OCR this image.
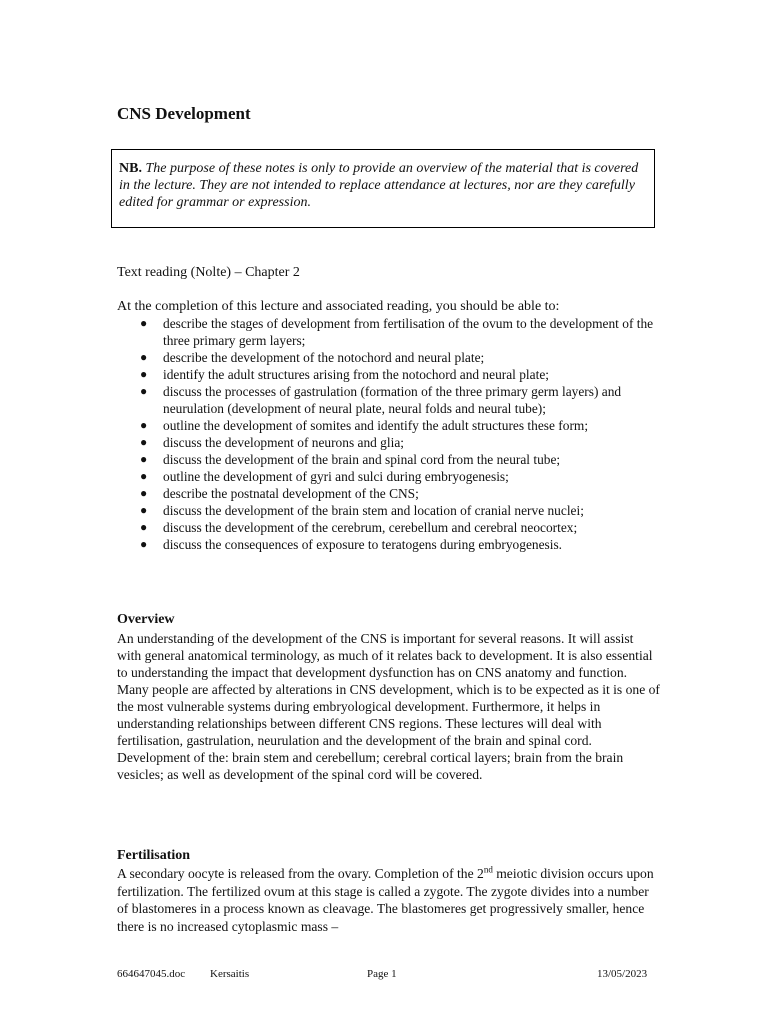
CNS Development
NB. The purpose of these notes is only to provide an overview of the material that is covered in the lecture. They are not intended to replace attendance at lectures, nor are they carefully edited for grammar or expression.

Text reading (Nolte) – Chapter 2

At the completion of this lecture and associated reading, you should be able to:

● describe the stages of development from fertilisation of the ovum to the development of the three primary germ layers;
● describe the development of the notochord and neural plate;
● identify the adult structures arising from the notochord and neural plate;
● discuss the processes of gastrulation (formation of the three primary germ layers) and neurulation (development of neural plate, neural folds and neural tube);
● outline the development of somites and identify the adult structures these form;
● discuss the development of neurons and glia;
● discuss the development of the brain and spinal cord from the neural tube;
● outline the development of gyri and sulci during embryogenesis;
● describe the postnatal development of the CNS;
● discuss the development of the brain stem and location of cranial nerve nuclei;
● discuss the development of the cerebrum, cerebellum and cerebral neocortex;
● discuss the consequences of exposure to teratogens during embryogenesis.
Overview

An understanding of the development of the CNS is important for several reasons. It will assist with general anatomical terminology, as much of it relates back to development. It is also essential to understanding the impact that development dysfunction has on CNS anatomy and function. Many people are affected by alterations in CNS development, which is to be expected as it is one of the most vulnerable systems during embryological development. Furthermore, it helps in understanding relationships between different CNS regions. These lectures will deal with fertilisation, gastrulation, neurulation and the development of the brain and spinal cord. Development of the: brain stem and cerebellum; cerebral cortical layers; brain from the brain vesicles; as well as development of the spinal cord will be covered.

Fertilisation

A secondary oocyte is released from the ovary. Completion of the 2nd meiotic division occurs upon fertilization. The fertilized ovum at this stage is called a zygote. The zygote divides into a number of blastomeres in a process known as cleavage. The blastomeres get progressively smaller, hence there is no increased cytoplasmic mass –

664647045.doc Kersaitis	Page 1	13/05/2023
